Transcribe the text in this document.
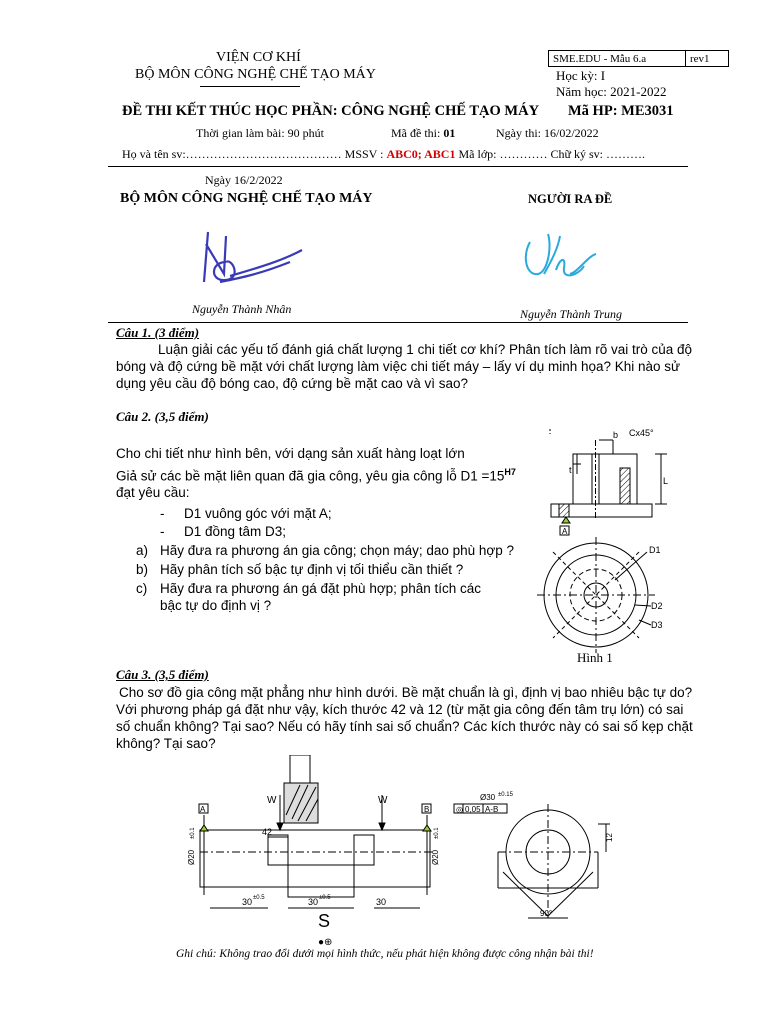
VIỆN CƠ KHÍ
BỘ MÔN CÔNG NGHỆ CHẾ TẠO MÁY
SME.EDU - Mẫu 6.a	rev1
Học kỳ: I
Năm học: 2021-2022
ĐỀ THI KẾT THÚC HỌC PHẦN: CÔNG NGHỆ CHẾ TẠO MÁY Mã HP: ME3031
Thời gian làm bài: 90 phút	Mã đề thi: 01	Ngày thi: 16/02/2022
Họ và tên sv:………………………………… MSSV : ABC0; ABC1 Mã lớp: ………… Chữ ký sv: ……….
Ngày 16/2/2022
BỘ MÔN CÔNG NGHỆ CHẾ TẠO MÁY	NGƯỜI RA ĐỀ
Nguyễn Thành Nhân	Nguyễn Thành Trung
Câu 1. (3 điểm)
Luận giải các yếu tố đánh giá chất lượng 1 chi tiết cơ khí? Phân tích làm rõ vai trò của độ bóng và độ cứng bề mặt với chất lượng làm việc chi tiết máy – lấy ví dụ minh họa? Khi nào sử dụng yêu cầu độ bóng cao, độ cứng bề mặt cao và vì sao?
Câu 2. (3,5 điểm)
Cho chi tiết như hình bên, với dạng sản xuất hàng loạt lớn
Giả sử các bề mặt liên quan đã gia công, yêu gia công lỗ $D1 =15^{H7}$
đạt yêu cầu:
- D1 vuông góc với mặt A;
- D1 đồng tâm D3;
a) Hãy đưa ra phương án gia công; chọn máy; dao phù hợp ?
b) Hãy phân tích số bậc tự định vị tối thiểu cần thiết ?
c) Hãy đưa ra phương án gá đặt phù hợp; phân tích các bậc tự do định vị ?
b Cx45°
t
L
A
D1
D2
D3
Hình 1
Câu 3. (3,5 điểm)
Cho sơ đồ gia công mặt phẳng như hình dưới. Bề mặt chuẩn là gì, định vị bao nhiêu bậc tự do? Với phương pháp gá đặt như vậy, kích thước 42 và 12 (từ mặt gia công đến tâm trụ lớn) có sai số chuẩn không? Tại sao? Nếu có hãy tính sai số chuẩn? Các kích thước này có sai số kẹp chặt không? Tại sao?
A	B
W	W
42
Ø20
±0.1
Ø20
±0.1
30 ±0.5	30 ±0.5	30
S
●⊕
◎ 0,05 A-B
Ø30 ±0.15
12
90°
Ghi chú: Không trao đổi dưới mọi hình thức, nếu phát hiện không được công nhận bài thi!
